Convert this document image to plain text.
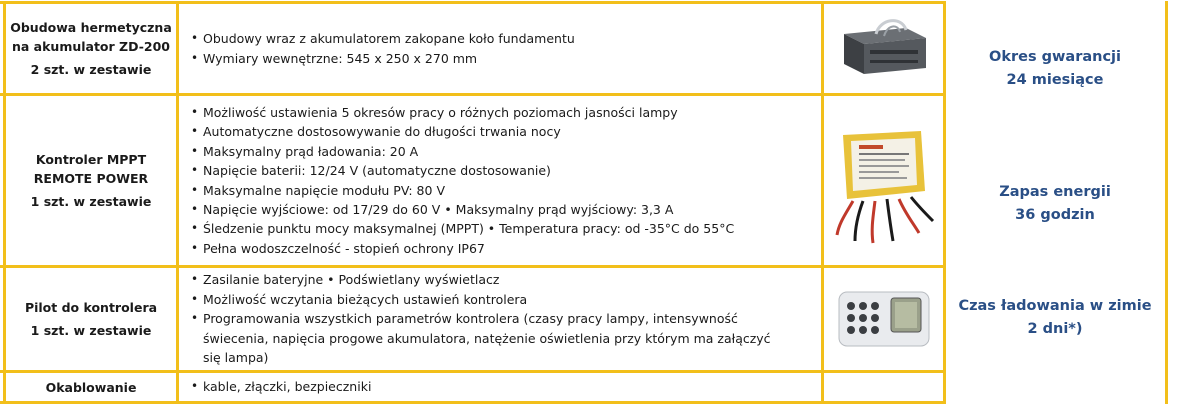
Obudowa hermetyczna
na akumulator ZD-200
2 szt. w zestawie
• Obudowy wraz z akumulatorem zakopane koło fundamentu
• Wymiary wewnętrzne: 545 x 250 x 270 mm
Kontroler MPPT
REMOTE POWER
1 szt. w zestawie
• Możliwość ustawienia 5 okresów pracy o różnych poziomach jasności lampy
• Automatyczne dostosowywanie do długości trwania nocy
• Maksymalny prąd ładowania: 20 A
• Napięcie baterii: 12/24 V (automatyczne dostosowanie)
• Maksymalne napięcie modułu PV: 80 V
• Napięcie wyjściowe: od 17/29 do 60 V • Maksymalny prąd wyjściowy: 3,3 A
• Śledzenie punktu mocy maksymalnej (MPPT) • Temperatura pracy: od -35°C do 55°C
• Pełna wodoszczelność - stopień ochrony IP67
Pilot do kontrolera
1 szt. w zestawie
• Zasilanie bateryjne • Podświetlany wyświetlacz
• Możliwość wczytania bieżących ustawień kontrolera
• Programowania wszystkich parametrów kontrolera (czasy pracy lampy, intensywność świecenia, napięcia progowe akumulatora, natężenie oświetlenia przy którym ma załączyć się lampa)
Okablowanie
•	kable, złączki, bezpieczniki
Okres gwarancji
24 miesiące
Zapas energii
36 godzin
Czas ładowania w zimie
2 dni*)
